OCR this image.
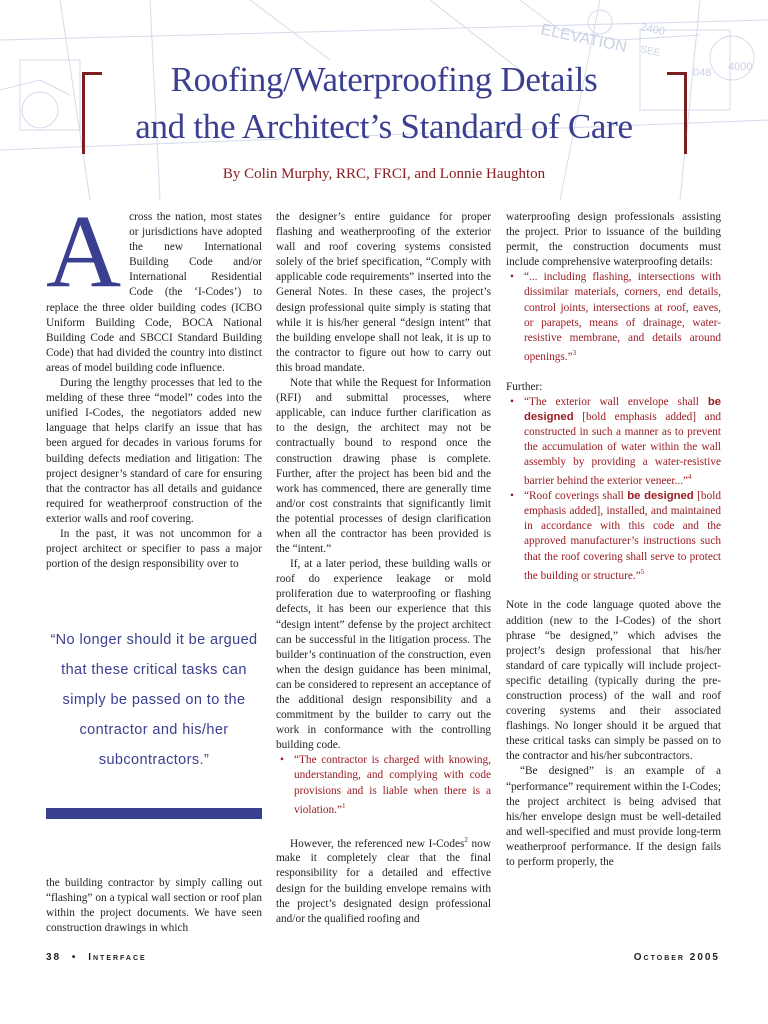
ELEVATION 2400
048 4000
SEE
Roofing/Waterproofing Details
and the Architect’s Standard of Care
By Colin Murphy, RRC, FRCI, and Lonnie Haughton
A cross the nation, most states or jurisdictions have adopted the new International Building Code and/or International Residential Code (the ‘I-Codes’) to replace the three older building codes (ICBO Uniform Building Code, BOCA National Building Code and SBCCI Standard Building Code) that had divided the country into distinct areas of model building code influence.

During the lengthy processes that led to the melding of these three “model” codes into the unified I-Codes, the negotiators added new language that helps clarify an issue that has been argued for decades in various forums for building defects mediation and litigation: The project designer’s standard of care for ensuring that the contractor has all details and guidance required for weatherproof construction of the exterior walls and roof covering.

In the past, it was not uncommon for a project architect or specifier to pass a major portion of the design responsibility over to

“No longer should it be argued that these critical tasks can simply be passed on to the contractor and his/her subcontractors.”

the building contractor by simply calling out “flashing” on a typical wall section or roof plan within the project documents. We have seen construction drawings in which

the designer’s entire guidance for proper flashing and weatherproofing of the exterior wall and roof covering systems consisted solely of the brief specification, “Comply with applicable code requirements” inserted into the General Notes. In these cases, the project’s design professional quite simply is stating that while it is his/her general “design intent” that the building envelope shall not leak, it is up to the contractor to figure out how to carry out this broad mandate.

Note that while the Request for Information (RFI) and submittal processes, where applicable, can induce further clarification as to the design, the architect may not be contractually bound to respond once the construction drawing phase is complete. Further, after the project has been bid and the work has commenced, there are generally time and/or cost constraints that significantly limit the potential processes of design clarification when all the contractor has been provided is the “intent.”

If, at a later period, these building walls or roof do experience leakage or mold proliferation due to waterproofing or flashing defects, it has been our experience that this “design intent” defense by the project architect can be successful in the litigation process. The builder’s continuation of the construction, even when the design guidance has been minimal, can be considered to represent an acceptance of the additional design responsibility and a commitment by the builder to carry out the work in conformance with the controlling building code.

• “The contractor is charged with knowing, understanding, and complying with code provisions and is liable when there is a violation.”$^1$

However, the referenced new I-Codes$^2$ now make it completely clear that the final responsibility for a detailed and effective design for the building envelope remains with the project’s designated design professional and/or the qualified roofing and

waterproofing design professionals assisting the project. Prior to issuance of the building permit, the construction documents must include comprehensive waterproofing details:

• “... including flashing, intersections with dissimilar materials, corners, end details, control joints, intersections at roof, eaves, or parapets, means of drainage, water-resistive membrane, and details around openings.”$^3$

Further:

• “The exterior wall envelope shall be designed [bold emphasis added] and constructed in such a manner as to prevent the accumulation of water within the wall assembly by providing a water-resistive barrier behind the exterior veneer...”$^4$
• “Roof coverings shall be designed [bold emphasis added], installed, and maintained in accordance with this code and the approved manufacturer’s instructions such that the roof covering shall serve to protect the building or structure.”$^5$

Note in the code language quoted above the addition (new to the I-Codes) of the short phrase “be designed,” which advises the project’s design professional that his/her standard of care typically will include project-specific detailing (typically during the pre-construction process) of the wall and roof covering systems and their associated flashings. No longer should it be argued that these critical tasks can simply be passed on to the contractor and his/her subcontractors.

“Be designed” is an example of a “performance” requirement within the I-Codes; the project architect is being advised that his/her envelope design must be well-detailed and well-specified and must provide long-term weatherproof performance. If the design fails to perform properly, the

38 • Interface	October 2005
